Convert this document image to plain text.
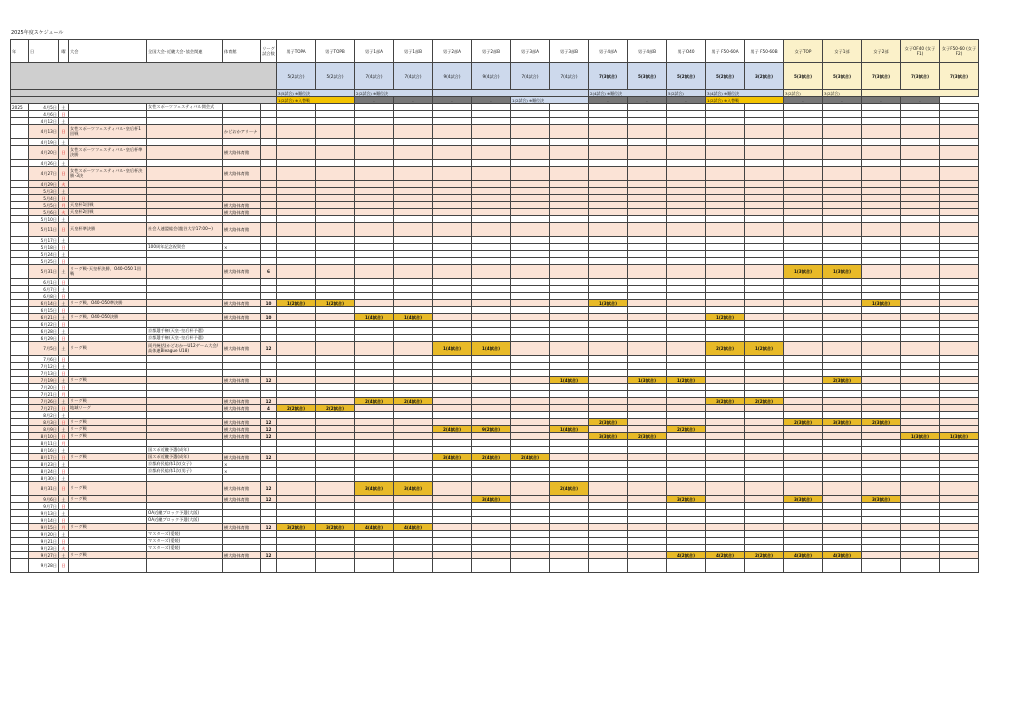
2025年度スケジュール
年	日	曜	大会	全国大会･近畿大会･協会関連	体育館	リーグ 試合数	男子TOPA	男子TOPB	男子1部A	男子1部B	男子2部A	男子2部B	男子3部A	男子3部B	男子4部A	男子4部B	男子O40	男子 F50-60A	男子 F50-60B	女子TOP	女子1部	女子2部	女子OF40 (女子F1)	女子F50-60 (女子F2)
							5(2試合)	5(2試合)	7(4試合)	7(4試合)	9(4試合)	9(4試合)	7(4試合)	7(4試合)	7(3試合)	5(3試合)	5(2試合)	5(2試合)	3(2試合)	5(3試合)	5(3試合)	7(3試合)	7(3試合)	7(3試合)
							3(5試合) ※順位決		2(2試合) ※順位決						2(4試合) ※順位決		5(2試合)	3(4試合) ※順位決		3(2試合)	3(2試合)			
							1(2試合) ※入替戦		-	-	-	-	1(2試合) ※順位決		-	-	-	1(2試合) ※入替戦		-	-	-	-	
2025	4月5日	土		女性スポーツフェスティバル開会式																				
	4月6日	日																						
	4月12日	土																						
	4月13日	日	女性スポーツフェスティバル･皇后杯1回戦		かどおかアリーナ																			
	4月19日	土																						
	4月20日	日	女性スポーツフェスティバル･皇后杯準決勝		横大路体育館																			
	4月26日	土																						
	4月27日	日	女性スポーツフェスティバル･皇后杯決勝･3決		横大路体育館																			
	4月29日	火																						
	5月3日	土																						
	5月4日	日																						
	5月5日	月	天皇杯1回戦		横大路体育館																			
	5月6日	火	天皇杯2回戦		横大路体育館																			
	5月10日	土																						
	5月11日	日	天皇杯準決勝	社会人連盟総会(龍谷大学17:00~)	横大路体育館																			
	5月17日	土																						
	5月18日	日		100周年記念祝賀会	×																			
	5月24日	土																						
	5月25日	日																						
	5月31日	土	リーグ戦･天皇杯決勝、O40-O50 1回戦		横大路体育館	6														1(3試合)	1(3試合)			
	6月1日	日																						
	6月7日	土																						
	6月8日	日																						
	6月14日	土	リーグ戦、O40-O50準決勝		横大路体育館	10	1(2試合)	1(2試合)							1(3試合)							1(3試合)		
	6月15日	日																						
	6月21日	土	リーグ戦、O40-O50決勝		横大路体育館	10			1(4試合)	1(4試合)								1(2試合)						
	6月22日	日																						
	6月28日	土		京都選手権(天皇･皇后杯予選)																				
	6月29日	日		京都選手権(天皇･皇后杯予選)																				
	7月5日	土	リーグ戦	両丹統括(かどおか～U12ゲーム大会/高体連Bleague U18)	横大路体育館	12					1(4試合)	1(4試合)						2(2試合)	1(2試合)					
	7月6日	日																						
	7月12日	土																						
	7月13日	日																						
	7月19日	土	リーグ戦		横大路体育館	12								1(4試合)		1(3試合)	1(2試合)				2(3試合)			
	7月20日	日																						
	7月21日	月																						
	7月26日	土	リーグ戦		横大路体育館	12			2(4試合)	2(4試合)								3(2試合)	2(2試合)					
	7月27日	日	地域リーグ		横大路体育館	4	2(2試合)	2(2試合)																
	8月2日	土																						
	8月3日	日	リーグ戦		横大路体育館	12									2(3試合)					2(3試合)	3(3試合)	2(3試合)		
	8月9日	土	リーグ戦		横大路体育館	12					2(4試合)	9(2試合)		1(4試合)			2(2試合)							
	8月10日	日	リーグ戦		横大路体育館	12									3(3試合)	2(3試合)							1(3試合)	1(3試合)
	8月11日	月																						
	8月16日	土		国スポ近畿予選(成年)																				
	8月17日	日	リーグ戦	国スポ近畿予選(成年)	横大路体育館	12					3(4試合)	2(4試合)	2(4試合)											
	8月23日	土		京都府民総体1次(女子)	×																			
	8月24日	日		京都府民総体1次(男子)	×																			
	8月30日	土																						
	8月31日	日	リーグ戦		横大路体育館	12			3(4試合)	3(4試合)				2(4試合)										
	9月6日	土	リーグ戦		横大路体育館	12						3(4試合)					3(2試合)			3(3試合)		3(3試合)		
	9月7日	日																						
	9月13日	土		OA近畿ブロック予選(大阪)																				
	9月14日	日		OA近畿ブロック予選(大阪)																				
	9月15日	月	リーグ戦		横大路体育館	12	3(2試合)	3(2試合)	4(4試合)	4(4試合)														
	9月20日	土		マスターズ(愛媛)																				
	9月21日	日		マスターズ(愛媛)																				
	9月23日	火		マスターズ(愛媛)																				
	9月27日	土	リーグ戦		横大路体育館	12											4(2試合)	4(2試合)	2(2試合)	4(3試合)	4(3試合)			
	9月28日	日																						
